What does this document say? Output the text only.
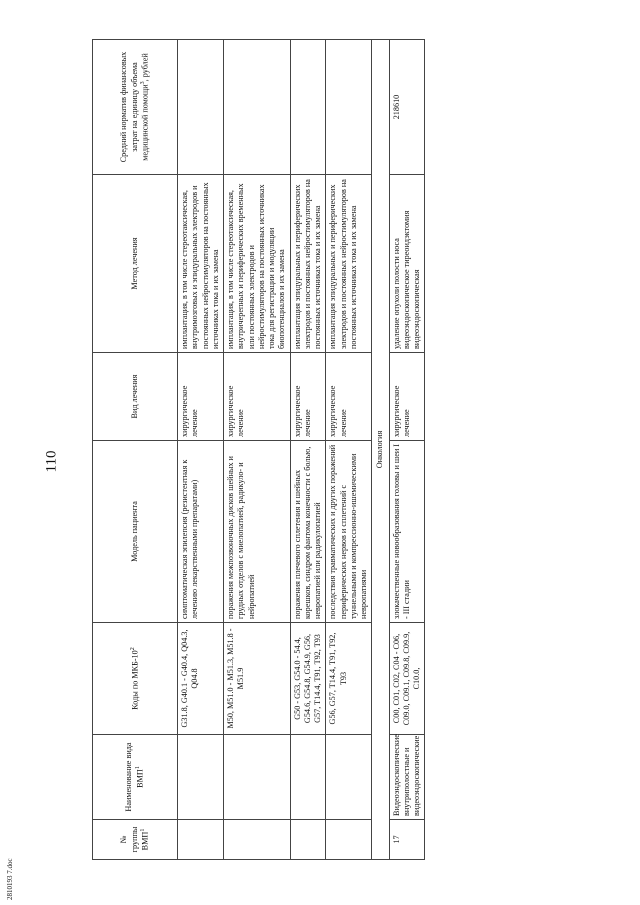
110
№ группы ВМП$^1$	Наименование вида ВМП$^1$	Коды по МКБ-$10^2$	Модель пациента	Вид лечения	Метод лечения	Средний норматив финансовых затрат на единицу объема медицинской помощи$^3$, рублей
		G31.8, G40.1 - G40.4, Q04.3, Q04.8	симптоматическая эпилепсия (резистентная к лечению лекарственными препаратами)	хирургическое лечение	имплантация, в том числе стереотаксическая, внутримозговых и эпидуральных электродов и постоянных нейростимуляторов на постоянных источниках тока и их замена	
		M50, M51.0 - M51.3, M51.8 - M51.9	поражения межпозвоночных дисков шейных и грудных отделов с миелопатией, радикуло- и нейропатией	хирургическое лечение	имплантация, в том числе стереотаксическая, внутричерепных и периферических временных или постоянных электродов и нейростимуляторов на постоянных источниках тока для регистрации и модуляции биопотенциалов и их замена	
		G50 - G53, G54.0 - 54.4, G54.6, G54.8, G54.9, G56, G57, T14.4, T91, T92, T93	поражения плечевого сплетения и шейных корешков, синдром фантома конечности с болью, невропатией или радикулопатией	хирургическое лечение	имплантация эпидуральных и периферических электродов и постоянных нейростимуляторов на постоянных источниках тока и их замена	
		G56, G57, T14.4, T91, T92, T93	последствия травматических и других поражений периферических нервов и сплетений с туннельными и компрессионно-ишемическими невропатиями	хирургическое лечение	имплантация эпидуральных и периферических электродов и постоянных нейростимуляторов на постоянных источниках тока и их замена	
Онкология						
17	Видеоэндоскопические внутриполостные и видеоэндоскопические	C00, C01, C02, C04 - C06, C09.0, C09.1, C09.8, C09.9, C10.0,	злокачественные новообразования головы и шеи I - III стадии	хирургическое лечение	удаление опухоли полости носа видеоэндоскопическое тиреоидэктомия видеоэндоскопическая	218610
2810193 7.doc
